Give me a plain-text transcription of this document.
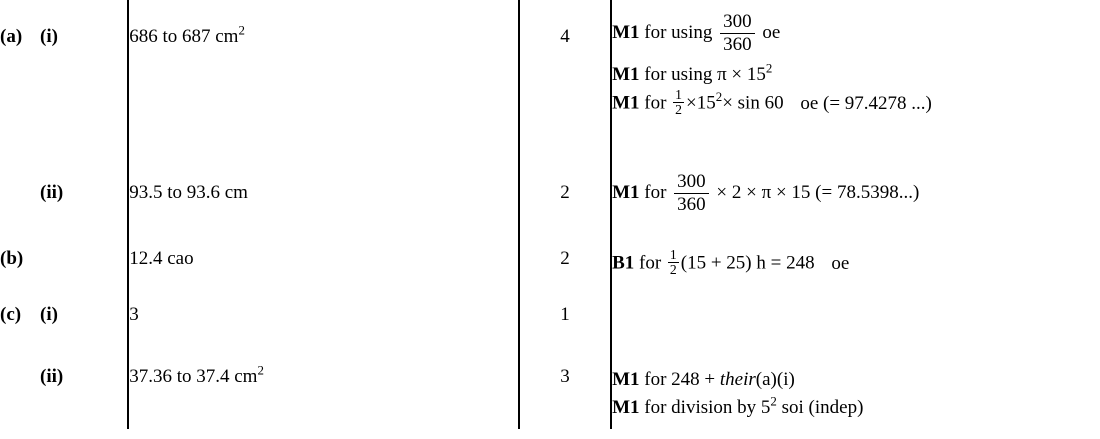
(a) (i)	686 to 687 $cm^2$	4	M1 for using $\frac{300}{360}$ oe
M1 for using $\pi \times 15^2$
M1 for $\frac{1}{2} \times 15^2\times \sin 60$ oe (= 97.4278 ...)

(ii)	93.5 to 93.6 cm	2	M1 for $\frac{300}{360} \times 2 \times \pi \times 15$ (= 78.5398...)

(b)	12.4 cao	2	B1 for $\frac{1}{2} (15 + 25) h = 248$ oe

(c) (i)	3	1	

(ii)	37.36 to 37.4 $cm^2$	3	M1 for 248 + their(a)(i)
M1 for division by $5^2$ soi (indep)
